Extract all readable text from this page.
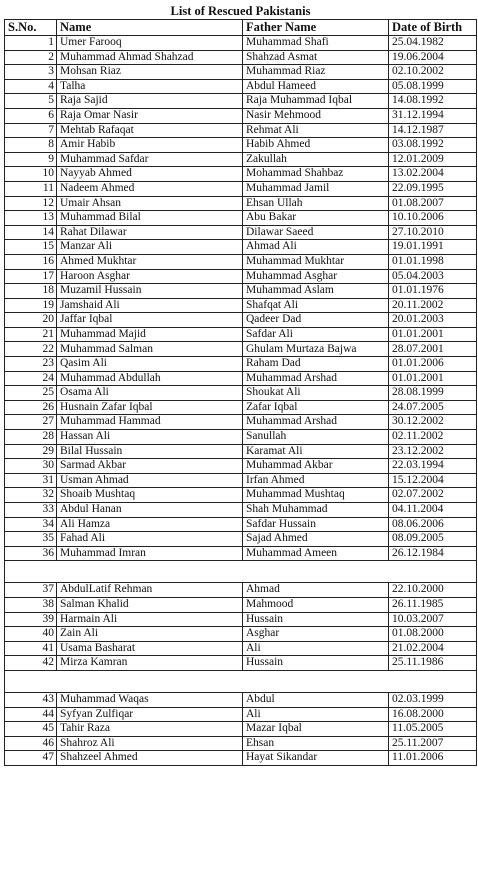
List of Rescued Pakistanis			
S.No.	Name	Father Name	Date of Birth
1	Umer Farooq	Muhammad Shafi	25.04.1982
2	Muhammad Ahmad Shahzad	Shahzad Asmat	19.06.2004
3	Mohsan Riaz	Muhammad Riaz	02.10.2002
4	Talha	Abdul Hameed	05.08.1999
5	Raja Sajid	Raja Muhammad Iqbal	14.08.1992
6	Raja Omar Nasir	Nasir Mehmood	31.12.1994
7	Mehtab Rafaqat	Rehmat Ali	14.12.1987
8	Amir Habib	Habib Ahmed	03.08.1992
9	Muhammad Safdar	Zakullah	12.01.2009
10	Nayyab Ahmed	Mohammad Shahbaz	13.02.2004
11	Nadeem Ahmed	Muhammad Jamil	22.09.1995
12	Umair Ahsan	Ehsan Ullah	01.08.2007
13	Muhammad Bilal	Abu Bakar	10.10.2006
14	Rahat Dilawar	Dilawar Saeed	27.10.2010
15	Manzar Ali	Ahmad Ali	19.01.1991
16	Ahmed Mukhtar	Muhammad Mukhtar	01.01.1998
17	Haroon Asghar	Muhammad Asghar	05.04.2003
18	Muzamil Hussain	Muhammad Aslam	01.01.1976
19	Jamshaid Ali	Shafqat Ali	20.11.2002
20	Jaffar Iqbal	Qadeer Dad	20.01.2003
21	Muhammad Majid	Safdar Ali	01.01.2001
22	Muhammad Salman	Ghulam Murtaza Bajwa	28.07.2001
23	Qasim Ali	Raham Dad	01.01.2006
24	Muhammad Abdullah	Muhammad Arshad	01.01.2001
25	Osama Ali	Shoukat Ali	28.08.1999
26	Husnain Zafar Iqbal	Zafar Iqbal	24.07.2005
27	Muhammad Hammad	Muhammad Arshad	30.12.2002
28	Hassan Ali	Sanullah	02.11.2002
29	Bilal Hussain	Karamat Ali	23.12.2002
30	Sarmad Akbar	Muhammad Akbar	22.03.1994
31	Usman Ahmad	Irfan Ahmed	15.12.2004
32	Shoaib Mushtaq	Muhammad Mushtaq	02.07.2002
33	Abdul Hanan	Shah Muhammad	04.11.2004
34	Ali Hamza	Safdar Hussain	08.06.2006
35	Fahad Ali	Sajad Ahmed	08.09.2005
36	Muhammad Imran	Muhammad Ameen	26.12.1984

37	AbdulLatif Rehman	Ahmad	22.10.2000
38	Salman Khalid	Mahmood	26.11.1985
39	Harmain Ali	Hussain	10.03.2007
40	Zain Ali	Asghar	01.08.2000
41	Usama Basharat	Ali	21.02.2004
42	Mirza Kamran	Hussain	25.11.1986

43	Muhammad Waqas	Abdul	02.03.1999
44	Syfyan Zulfiqar	Ali	16.08.2000
45	Tahir Raza	Mazar Iqbal	11.05.2005
46	Shahroz Ali	Ehsan	25.11.2007
47	Shahzeel Ahmed	Hayat Sikandar	11.01.2006
